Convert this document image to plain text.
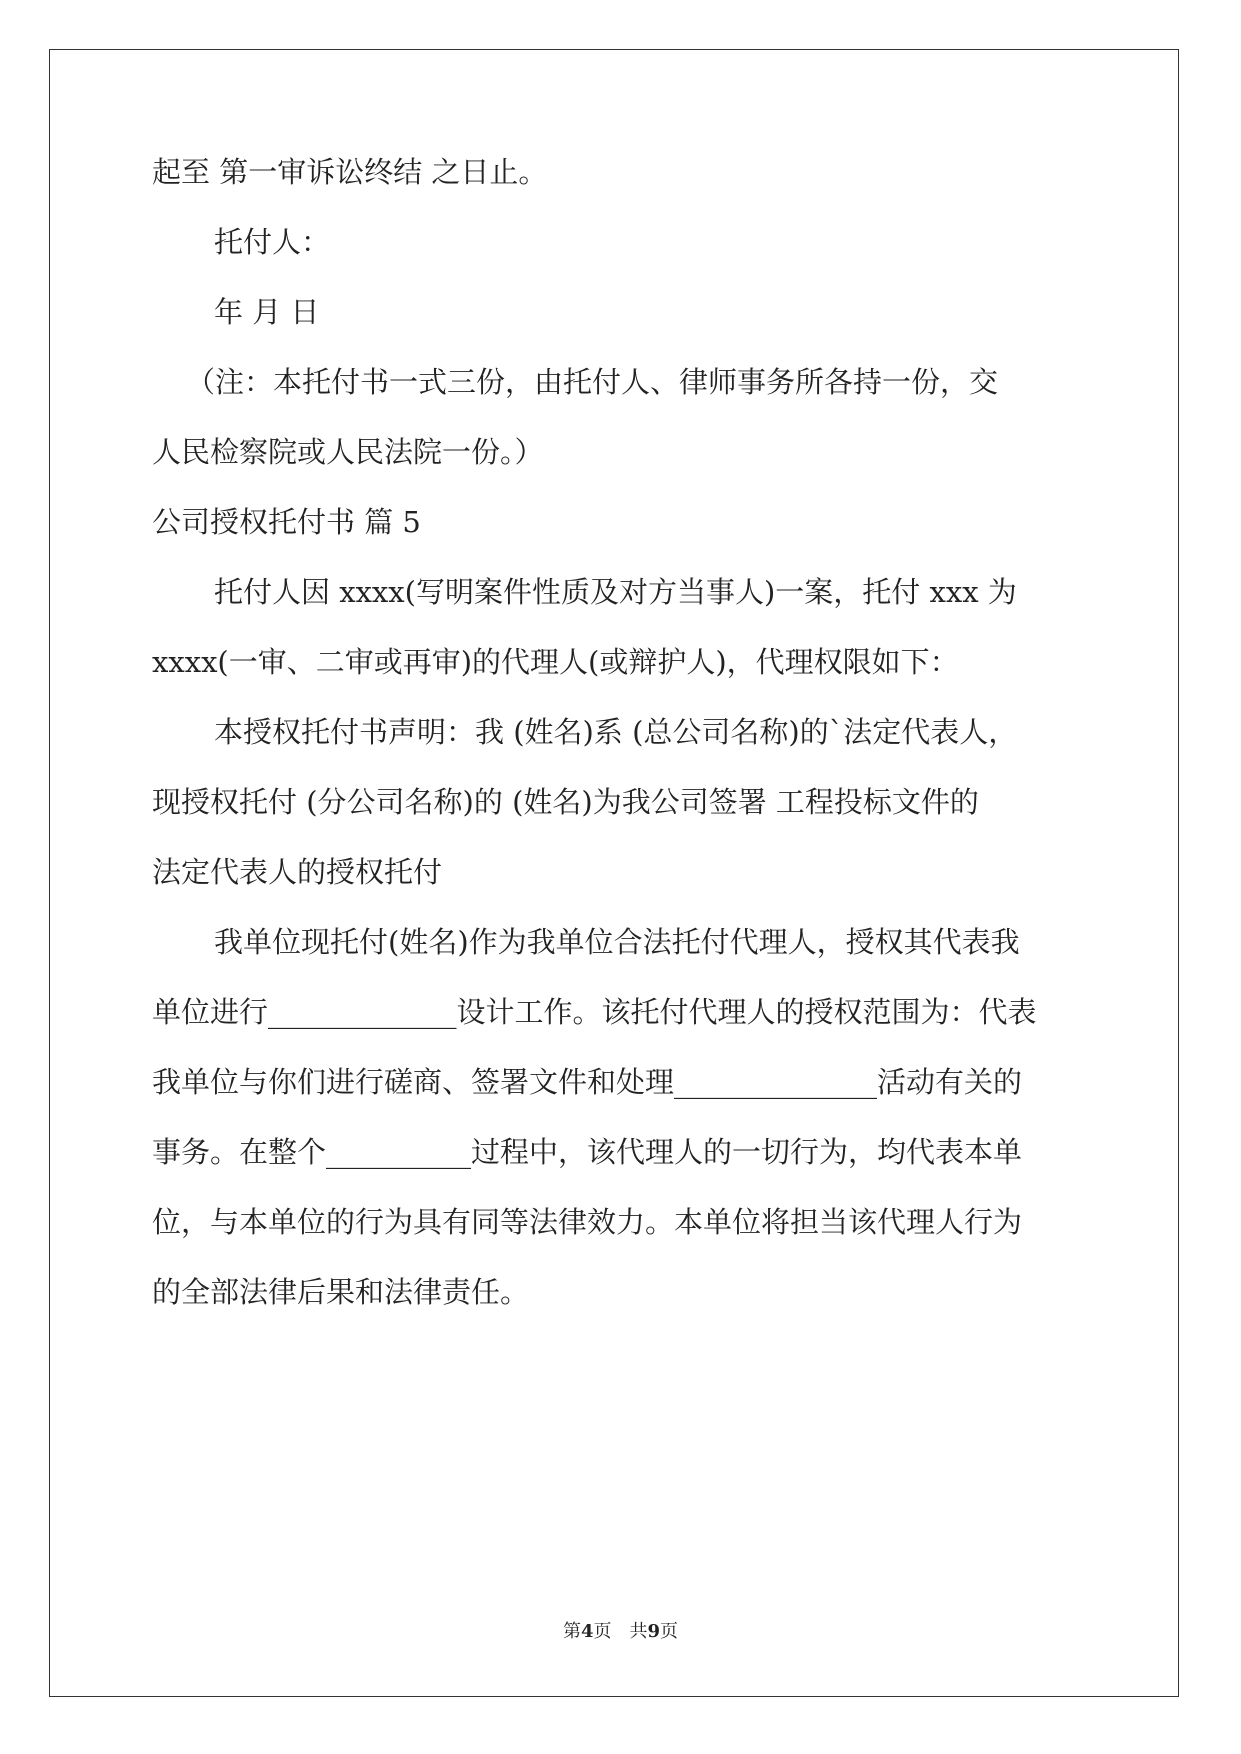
起至 第一审诉讼终结 之日止。

托付人：

年 月 日

（注：本托付书一式三份，由托付人、律师事务所各持一份，交

人民检察院或人民法院一份。）

公司授权托付书 篇 5

托付人因 xxxx(写明案件性质及对方当事人)一案，托付 xxx 为

xxxx(一审、二审或再审)的代理人(或辩护人)，代理权限如下：

本授权托付书声明：我 (姓名)系 (总公司名称)的`法定代表人，

现授权托付 (分公司名称)的 (姓名)为我公司签署 工程投标文件的

法定代表人的授权托付

我单位现托付(姓名)作为我单位合法托付代理人，授权其代表我

单位进行_____________设计工作。该托付代理人的授权范围为：代表

我单位与你们进行磋商、签署文件和处理______________活动有关的

事务。在整个__________过程中，该代理人的一切行为，均代表本单

位，与本单位的行为具有同等法律效力。本单位将担当该代理人行为

的全部法律后果和法律责任。

第4页　共9页
